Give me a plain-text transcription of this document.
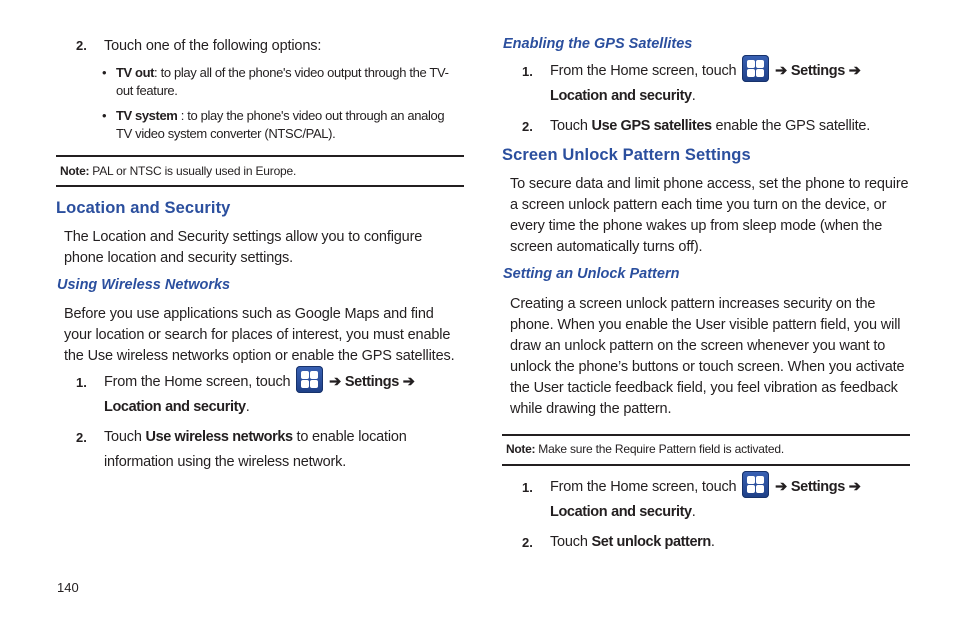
2. Touch one of the following options:
• TV out: to play all of the phone's video output through the TV-out feature.
• TV system : to play the phone's video out through an analog TV video system converter (NTSC/PAL).
Note: PAL or NTSC is usually used in Europe.
Location and Security
The Location and Security settings allow you to configure phone location and security settings.
Using Wireless Networks
Before you use applications such as Google Maps and find your location or search for places of interest, you must enable the Use wireless networks option or enable the GPS satellites.
1. From the Home screen, touch	➔ Settings ➔ Location and security.
2. Touch Use wireless networks to enable location information using the wireless network.
140
Enabling the GPS Satellites
1. From the Home screen, touch	➔ Settings ➔ Location and security.
2. Touch Use GPS satellites enable the GPS satellite.
Screen Unlock Pattern Settings
To secure data and limit phone access, set the phone to require a screen unlock pattern each time you turn on the device, or every time the phone wakes up from sleep mode (when the screen automatically turns off).
Setting an Unlock Pattern
Creating a screen unlock pattern increases security on the phone. When you enable the User visible pattern field, you will draw an unlock pattern on the screen whenever you want to unlock the phone’s buttons or touch screen. When you activate the User tacticle feedback field, you feel vibration as feedback while drawing the pattern.
Note: Make sure the Require Pattern field is activated.
1. From the Home screen, touch	➔ Settings ➔ Location and security.
2. Touch Set unlock pattern.
